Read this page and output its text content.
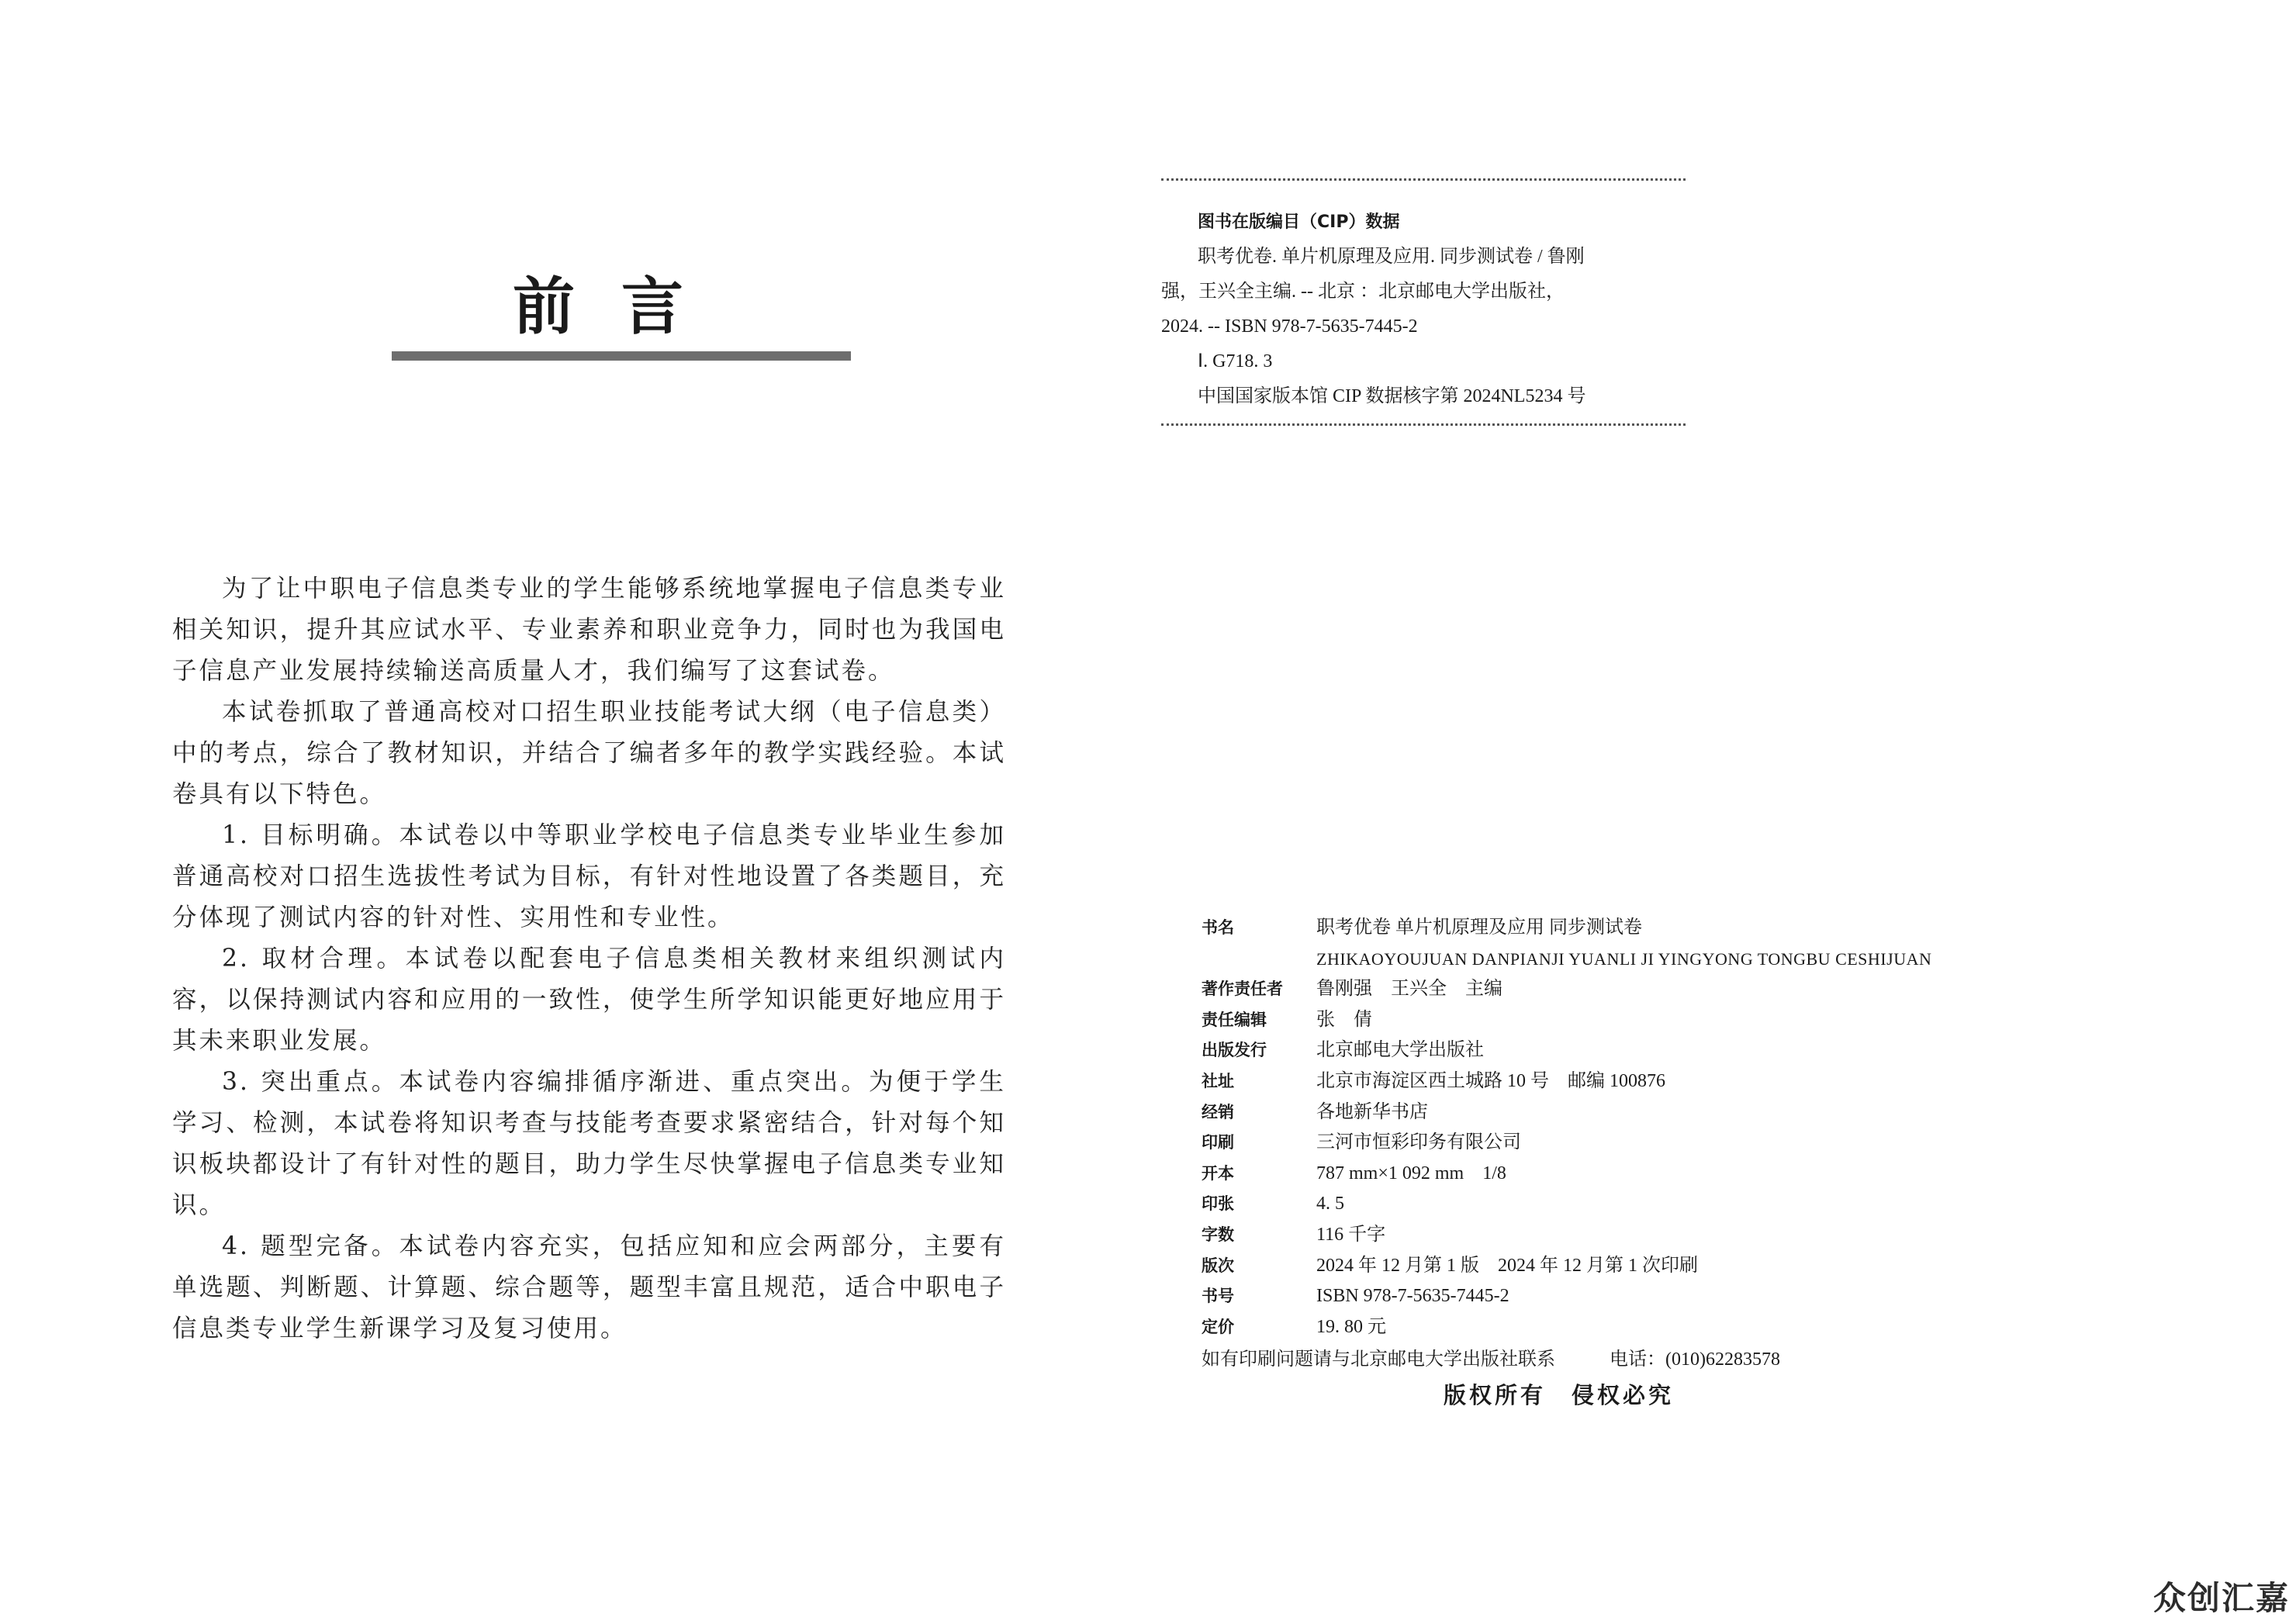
前言

为了让中职电子信息类专业的学生能够系统地掌握电子信息类专业相关知识，提升其应试水平、专业素养和职业竞争力，同时也为我国电子信息产业发展持续输送高质量人才，我们编写了这套试卷。

本试卷抓取了普通高校对口招生职业技能考试大纲（电子信息类）中的考点，综合了教材知识，并结合了编者多年的教学实践经验。本试卷具有以下特色。

1. 目标明确。本试卷以中等职业学校电子信息类专业毕业生参加普通高校对口招生选拔性考试为目标，有针对性地设置了各类题目，充分体现了测试内容的针对性、实用性和专业性。

2. 取材合理。本试卷以配套电子信息类相关教材来组织测试内容，以保持测试内容和应用的一致性，使学生所学知识能更好地应用于其未来职业发展。

3. 突出重点。本试卷内容编排循序渐进、重点突出。为便于学生学习、检测，本试卷将知识考查与技能考查要求紧密结合，针对每个知识板块都设计了有针对性的题目，助力学生尽快掌握电子信息类专业知识。

4. 题型完备。本试卷内容充实，包括应知和应会两部分，主要有单选题、判断题、计算题、综合题等，题型丰富且规范，适合中职电子信息类专业学生新课学习及复习使用。

图书在版编目（CIP）数据
职考优卷. 单片机原理及应用. 同步测试卷 / 鲁刚
强，王兴全主编. -- 北京 ：北京邮电大学出版社，
2024. -- ISBN 978-7-5635-7445-2
Ⅰ. G718. 3
中国国家版本馆 CIP 数据核字第 2024NL5234 号
书名	职考优卷 单片机原理及应用 同步测试卷
ZHIKAOYOUJUAN DANPIANJI YUANLI JI YINGYONG TONGBU CESHIJUAN
著作责任者	鲁刚强　王兴全　主编
责任编辑	张　倩
出版发行	北京邮电大学出版社
社址	北京市海淀区西土城路 10 号　邮编 100876
经销	各地新华书店
印刷	三河市恒彩印务有限公司
开本	787 mm×1 092 mm　1/8
印张	4. 5
字数	116 千字
版次	2024 年 12 月第 1 版　2024 年 12 月第 1 次印刷
书号	ISBN 978-7-5635-7445-2
定价	19. 80 元
如有印刷问题请与北京邮电大学出版社联系	电话：(010)62283578
版权所有　侵权必究
众创汇嘉
